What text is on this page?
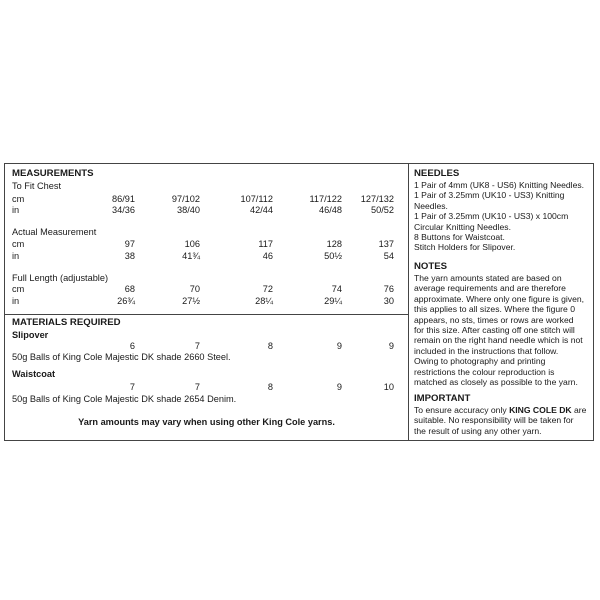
MEASUREMENTS
To Fit Chest
cm	86/91	97/102	107/112	117/122	127/132
in	34/36	38/40	42/44	46/48	50/52
Actual Measurement
cm	97	106	117	128	137
in	38	41¾	46	50½	54
Full Length (adjustable)
cm	68	70	72	74	76
in	26¾	27½	28¼	29¼	30
MATERIALS REQUIRED
Slipover
6	7	8	9	9
50g Balls of King Cole Majestic DK shade 2660 Steel.
Waistcoat
7	7	8	9	10
50g Balls of King Cole Majestic DK shade 2654 Denim.
Yarn amounts may vary when using other King Cole yarns.
NEEDLES
1 Pair of 4mm (UK8 - US6) Knitting Needles.
1 Pair of 3.25mm (UK10 - US3) Knitting
Needles.
1 Pair of 3.25mm (UK10 - US3) x 100cm
Circular Knitting Needles.
8 Buttons for Waistcoat.
Stitch Holders for Slipover.
NOTES
The yarn amounts stated are based on
average requirements and are therefore
approximate. Where only one figure is given,
this applies to all sizes. Where the figure 0
appears, no sts, times or rows are worked
for this size. After casting off one stitch will
remain on the right hand needle which is not
included in the instructions that follow.
Owing to photography and printing
restrictions the colour reproduction is
matched as closely as possible to the yarn.
IMPORTANT
To ensure accuracy only KING COLE DK are
suitable. No responsibility will be taken for
the result of using any other yarn.
